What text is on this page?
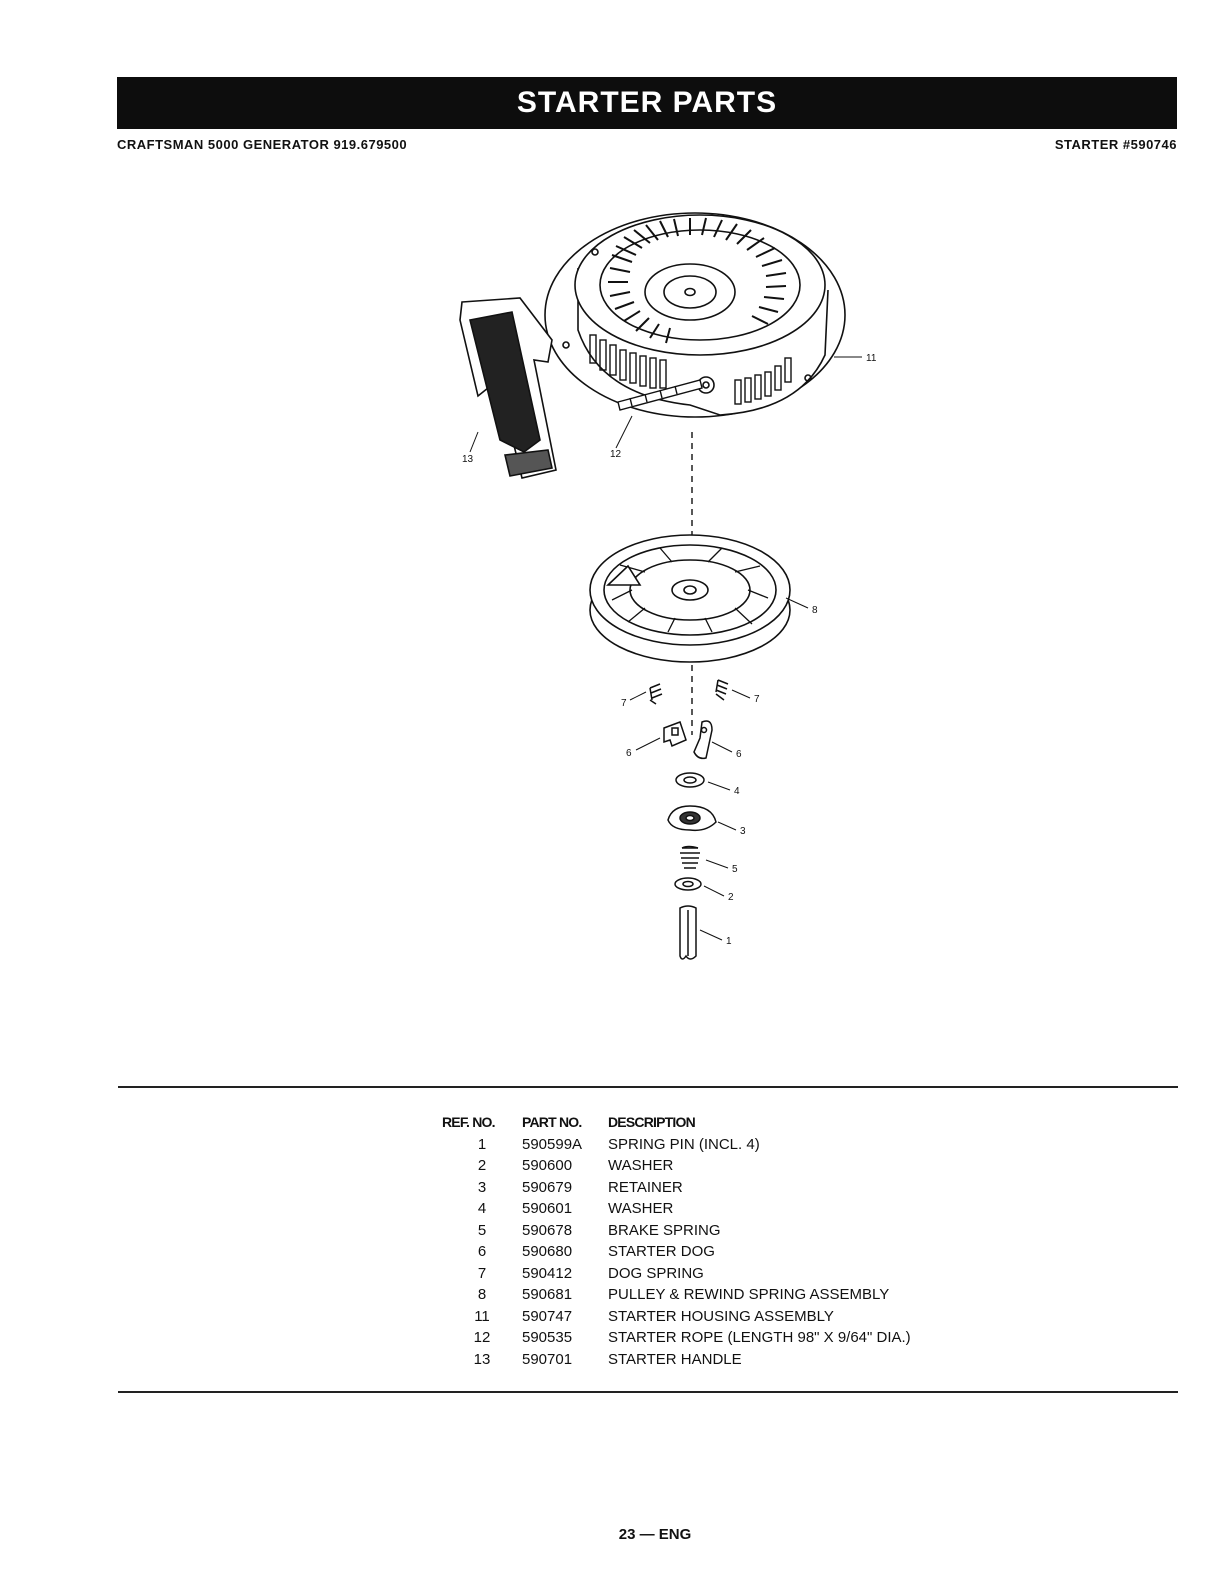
STARTER PARTS
CRAFTSMAN 5000 GENERATOR 919.679500	STARTER #590746
11
12
13
8
7	7
6	6
4
3
5
2
1
REF. NO.	PART NO.	DESCRIPTION
1	590599A	SPRING PIN (INCL. 4)
2	590600	WASHER
3	590679	RETAINER
4	590601	WASHER
5	590678	BRAKE SPRING
6	590680	STARTER DOG
7	590412	DOG SPRING
8	590681	PULLEY & REWIND SPRING ASSEMBLY
11	590747	STARTER HOUSING ASSEMBLY
12	590535	STARTER ROPE (LENGTH 98" X 9/64" DIA.)
13	590701	STARTER HANDLE
23 — ENG
